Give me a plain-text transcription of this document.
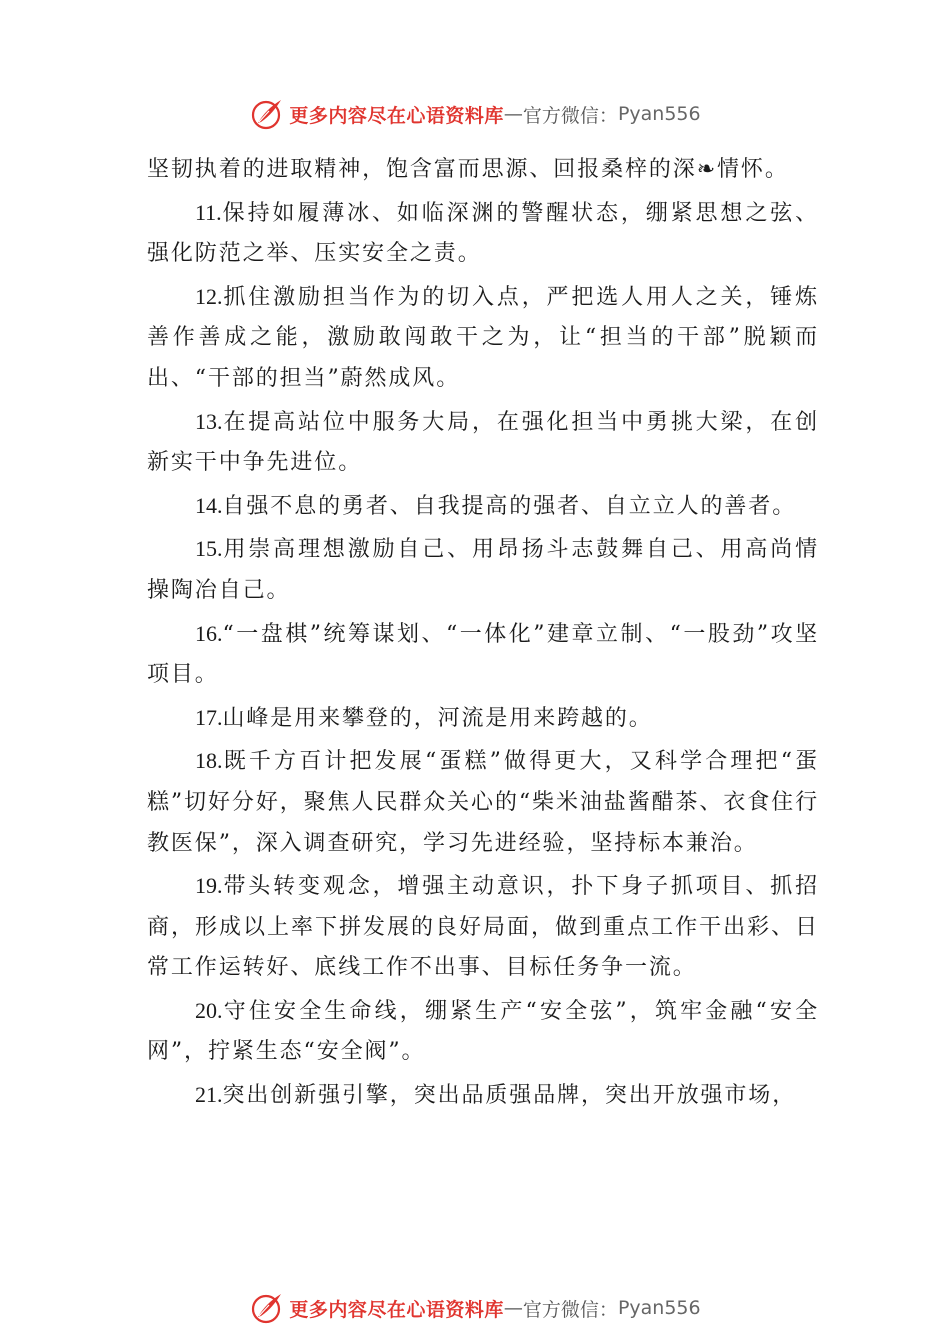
更多内容尽在心语资料库 — 官方微信： Pyan556

坚韧执着的进取精神，饱含富而思源、回报桑梓的深❧情怀。

11.保持如履薄冰、如临深渊的警醒状态，绷紧思想之弦、强化防范之举、压实安全之责。

12.抓住激励担当作为的切入点，严把选人用人之关，锤炼善作善成之能，激励敢闯敢干之为，让“担当的干部”脱颖而出、“干部的担当”蔚然成风。

13.在提高站位中服务大局，在强化担当中勇挑大梁，在创新实干中争先进位。

14.自强不息的勇者、自我提高的强者、自立立人的善者。

15.用崇高理想激励自己、用昂扬斗志鼓舞自己、用高尚情操陶冶自己。

16.“一盘棋”统筹谋划、“一体化”建章立制、“一股劲”攻坚项目。

17.山峰是用来攀登的，河流是用来跨越的。

18.既千方百计把发展“蛋糕”做得更大，又科学合理把“蛋糕”切好分好，聚焦人民群众关心的“柴米油盐酱醋茶、衣食住行教医保”，深入调查研究，学习先进经验，坚持标本兼治。

19.带头转变观念，增强主动意识，扑下身子抓项目、抓招商，形成以上率下拼发展的良好局面，做到重点工作干出彩、日常工作运转好、底线工作不出事、目标任务争一流。

20.守住安全生命线，绷紧生产“安全弦”，筑牢金融“安全网”，拧紧生态“安全阀”。

21.突出创新强引擎，突出品质强品牌，突出开放强市场，

更多内容尽在心语资料库 — 官方微信： Pyan556
